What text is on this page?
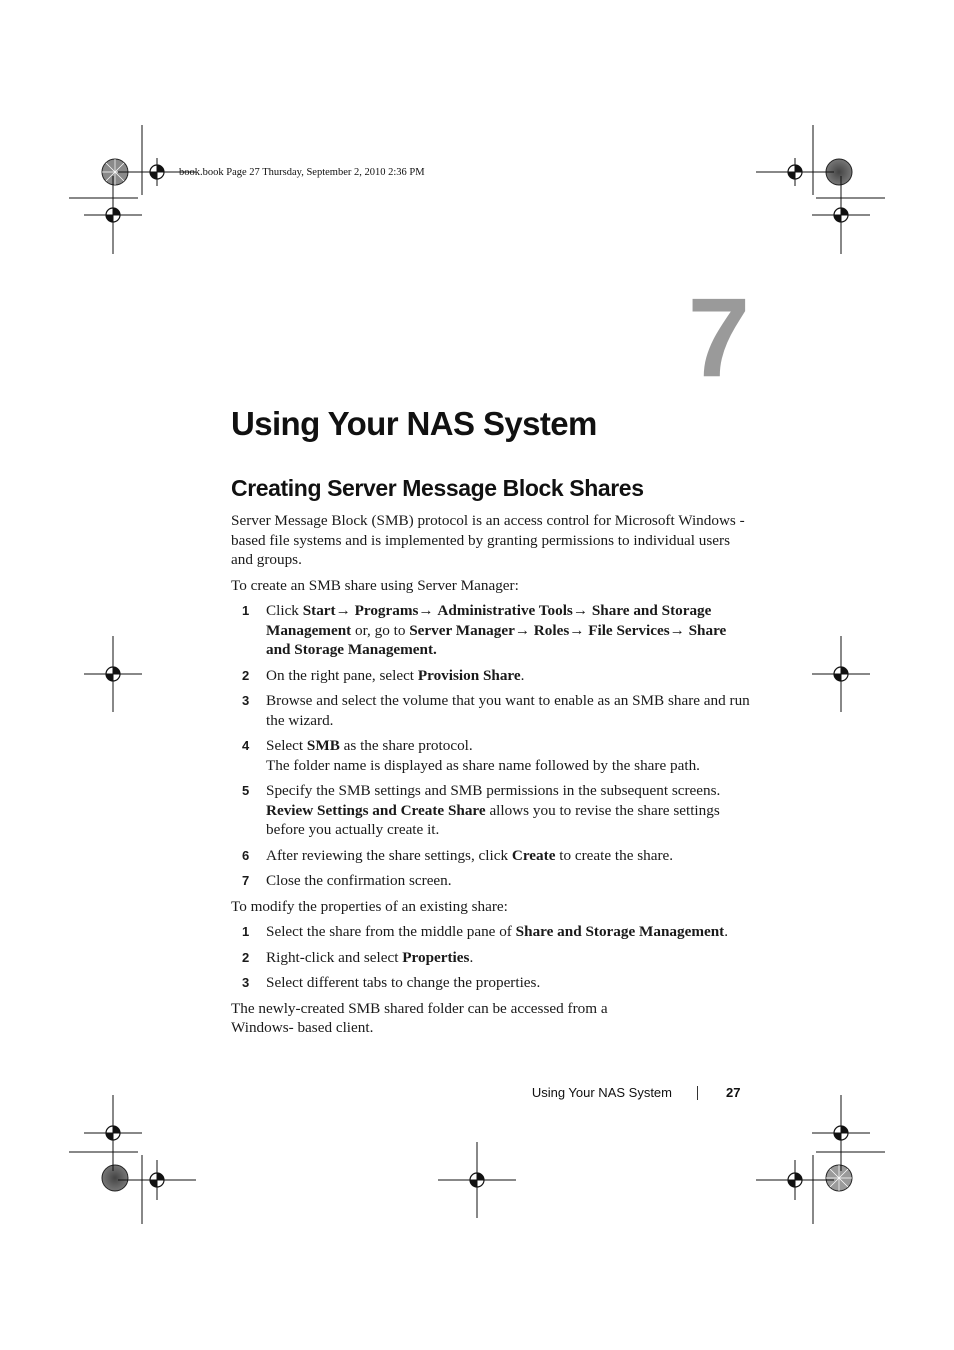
book.book Page 27 Thursday, September 2, 2010 2:36 PM
7
Using Your NAS System
Creating Server Message Block Shares

Server Message Block (SMB) protocol is an access control for Microsoft Windows -based file systems and is implemented by granting permissions to individual users and groups.

To create an SMB share using Server Manager:

1 Click Start→ Programs→ Administrative Tools→ Share and Storage Management or, go to Server Manager→ Roles→ File Services→ Share and Storage Management.
2 On the right pane, select Provision Share.
3 Browse and select the volume that you want to enable as an SMB share and run the wizard.
4 Select SMB as the share protocol.

The folder name is displayed as share name followed by the share path.

5 Specify the SMB settings and SMB permissions in the subsequent screens.

Review Settings and Create Share allows you to revise the share settings before you actually create it.

6 After reviewing the share settings, click Create to create the share.
7 Close the confirmation screen.

To modify the properties of an existing share:

1 Select the share from the middle pane of Share and Storage Management.
2 Right-click and select Properties.
3 Select different tabs to change the properties.

The newly-created SMB shared folder can be accessed from a Windows- based client.

Using Your NAS System	27
